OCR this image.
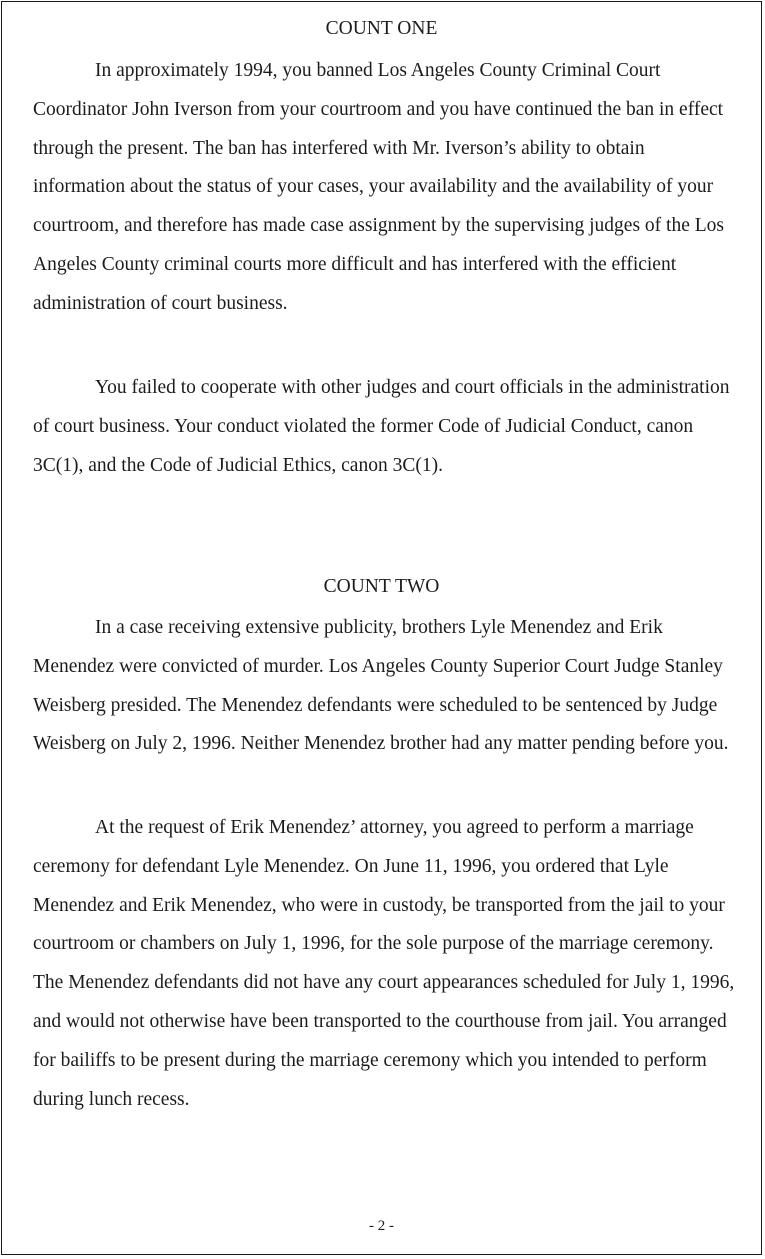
COUNT ONE

In approximately 1994, you banned Los Angeles County Criminal Court Coordinator John Iverson from your courtroom and you have continued the ban in effect through the present. The ban has interfered with Mr. Iverson’s ability to obtain information about the status of your cases, your availability and the availability of your courtroom, and therefore has made case assignment by the supervising judges of the Los Angeles County criminal courts more difficult and has interfered with the efficient administration of court business.

You failed to cooperate with other judges and court officials in the administration of court business. Your conduct violated the former Code of Judicial Conduct, canon 3C(1), and the Code of Judicial Ethics, canon 3C(1).

COUNT TWO

In a case receiving extensive publicity, brothers Lyle Menendez and Erik Menendez were convicted of murder. Los Angeles County Superior Court Judge Stanley Weisberg presided. The Menendez defendants were scheduled to be sentenced by Judge Weisberg on July 2, 1996. Neither Menendez brother had any matter pending before you.

At the request of Erik Menendez’ attorney, you agreed to perform a marriage ceremony for defendant Lyle Menendez. On June 11, 1996, you ordered that Lyle Menendez and Erik Menendez, who were in custody, be transported from the jail to your courtroom or chambers on July 1, 1996, for the sole purpose of the marriage ceremony. The Menendez defendants did not have any court appearances scheduled for July 1, 1996, and would not otherwise have been transported to the courthouse from jail. You arranged for bailiffs to be present during the marriage ceremony which you intended to perform during lunch recess.

- 2 -
